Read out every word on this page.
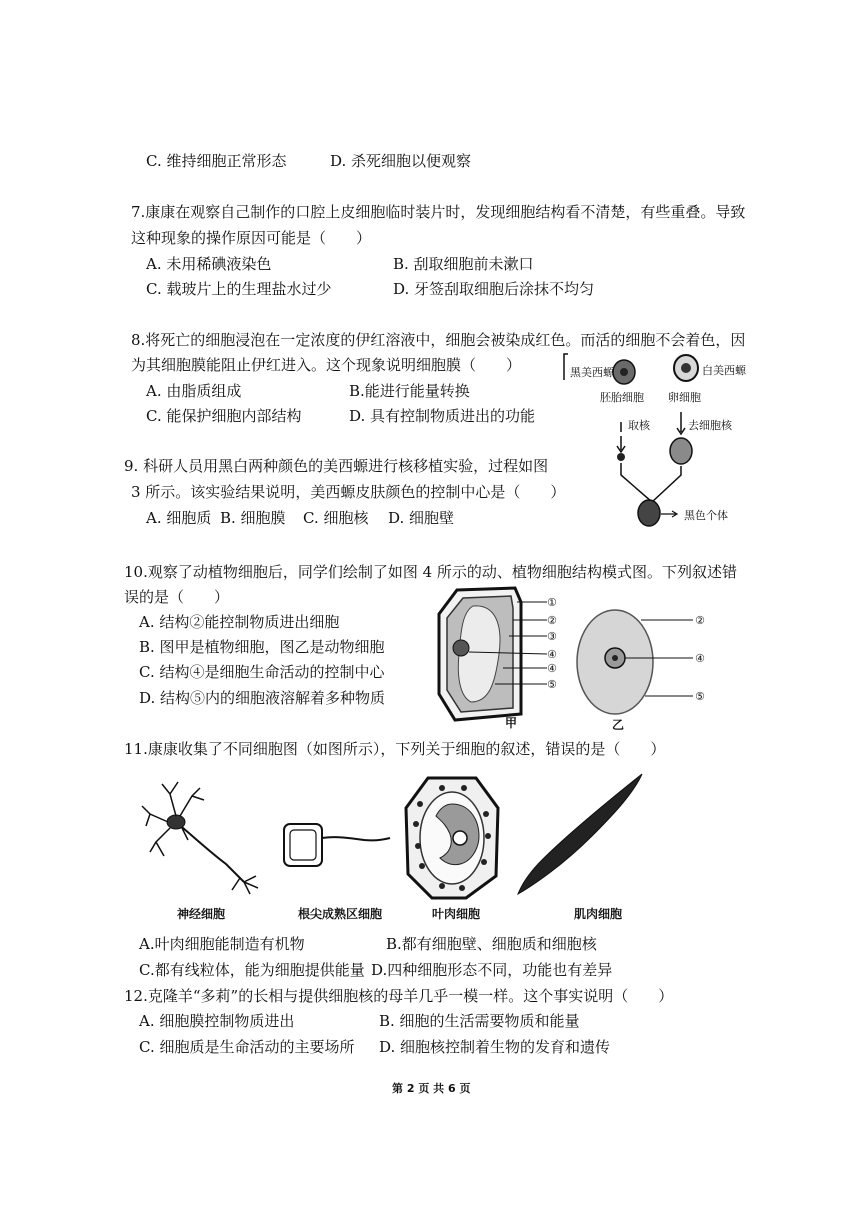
C. 维持细胞正常形态	D. 杀死细胞以便观察
7.康康在观察自己制作的口腔上皮细胞临时装片时，发现细胞结构看不清楚，有些重叠。导致
这种现象的操作原因可能是（　　）
A. 未用稀碘液染色	B. 刮取细胞前未漱口
C. 载玻片上的生理盐水过少	D. 牙签刮取细胞后涂抹不均匀
8.将死亡的细胞浸泡在一定浓度的伊红溶液中，细胞会被染成红色。而活的细胞不会着色，因
为其细胞膜能阻止伊红进入。这个现象说明细胞膜（　　）
A. 由脂质组成	B.能进行能量转换
C. 能保护细胞内部结构	D. 具有控制物质进出的功能
9. 科研人员用黑白两种颜色的美西螈进行核移植实验，过程如图
3 所示。该实验结果说明，美西螈皮肤颜色的控制中心是（　　）
A. 细胞质 B. 细胞膜 C. 细胞核 D. 细胞壁
黑美西螈	白美西螈
胚胎细胞 卵细胞
取核	去细胞核
黑色个体
10.观察了动植物细胞后，同学们绘制了如图 4 所示的动、植物细胞结构模式图。下列叙述错
误的是（　　）
A. 结构②能控制物质进出细胞
B. 图甲是植物细胞，图乙是动物细胞
C. 结构④是细胞生命活动的控制中心
D. 结构⑤内的细胞液溶解着多种物质
①
②
③
④
④
⑤
甲
②
④
⑤
乙
11.康康收集了不同细胞图（如图所示），下列关于细胞的叙述，错误的是（　　）
神经细胞	根尖成熟区细胞	叶肉细胞	肌肉细胞
A.叶肉细胞能制造有机物	B.都有细胞壁、细胞质和细胞核
C.都有线粒体，能为细胞提供能量 D.四种细胞形态不同，功能也有差异
12.克隆羊“多莉”的长相与提供细胞核的母羊几乎一模一样。这个事实说明（　　）
A. 细胞膜控制物质进出	B. 细胞的生活需要物质和能量
C. 细胞质是生命活动的主要场所 D. 细胞核控制着生物的发育和遗传
第 2 页 共 6 页
